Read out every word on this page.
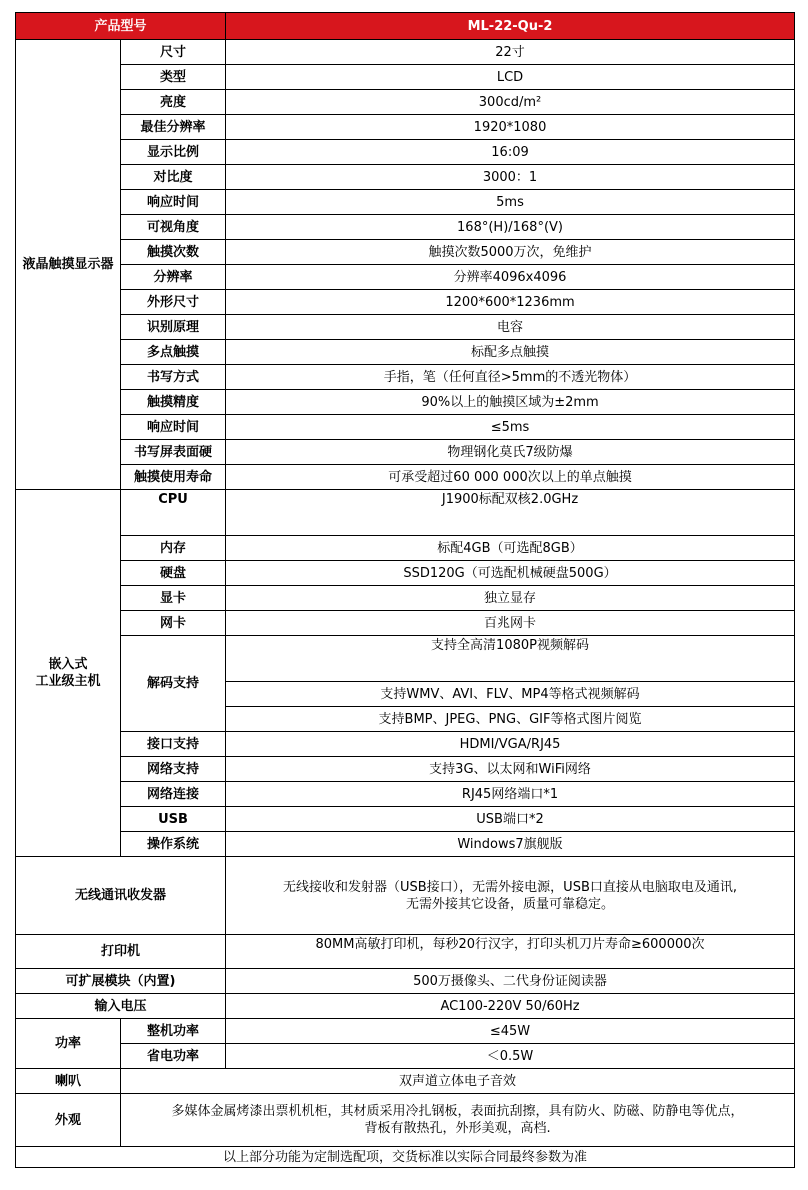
产品型号		ML-22-Qu-2
液晶触摸显示器	尺寸	22寸
	类型	LCD
	亮度	300cd/m²
	最佳分辨率	1920*1080
	显示比例	16:09
	对比度	3000：1
	响应时间	5ms
	可视角度	168°(H)/168°(V)
	触摸次数	触摸次数5000万次，免维护
	分辨率	分辨率4096x4096
	外形尺寸	1200*600*1236mm
	识别原理	电容
	多点触摸	标配多点触摸
	书写方式	手指，笔（任何直径>5mm的不透光物体）
	触摸精度	90%以上的触摸区域为±2mm
	响应时间	≤5ms
	书写屏表面硬	物理钢化莫氏7级防爆
	触摸使用寿命	可承受超过60 000 000次以上的单点触摸

嵌入式
工业级主机	CPU	J1900标配双核2.0GHz
	内存	标配4GB（可选配8GB）
	硬盘	SSD120G（可选配机械硬盘500G）
	显卡	独立显存
	网卡	百兆网卡
	解码支持	支持全高清1080P视频解码
		支持WMV、AVI、FLV、MP4等格式视频解码
		支持BMP、JPEG、PNG、GIF等格式图片阅览
	接口支持	HDMI/VGA/RJ45
	网络支持	支持3G、以太网和WiFi网络
	网络连接	RJ45网络端口*1
	USB	USB端口*2
	操作系统	Windows7旗舰版
无线通讯收发器		无线接收和发射器（USB接口），无需外接电源，USB口直接从电脑取电及通讯,
无需外接其它设备，质量可靠稳定。

打印机		80MM高敏打印机，每秒20行汉字，打印头机刀片寿命≥600000次
可扩展模块（内置)		500万摄像头、二代身份证阅读器
输入电压		AC100-220V 50/60Hz
功率	整机功率	≤45W
	省电功率	＜0.5W
喇叭	双声道立体电子音效	
外观	多媒体金属烤漆出票机机柜，其材质采用冷扎钢板，表面抗刮擦，具有防火、防磁、防静电等优点，
背板有散热孔，外形美观，高档.	

以上部分功能为定制选配项，交货标准以实际合同最终参数为准		
